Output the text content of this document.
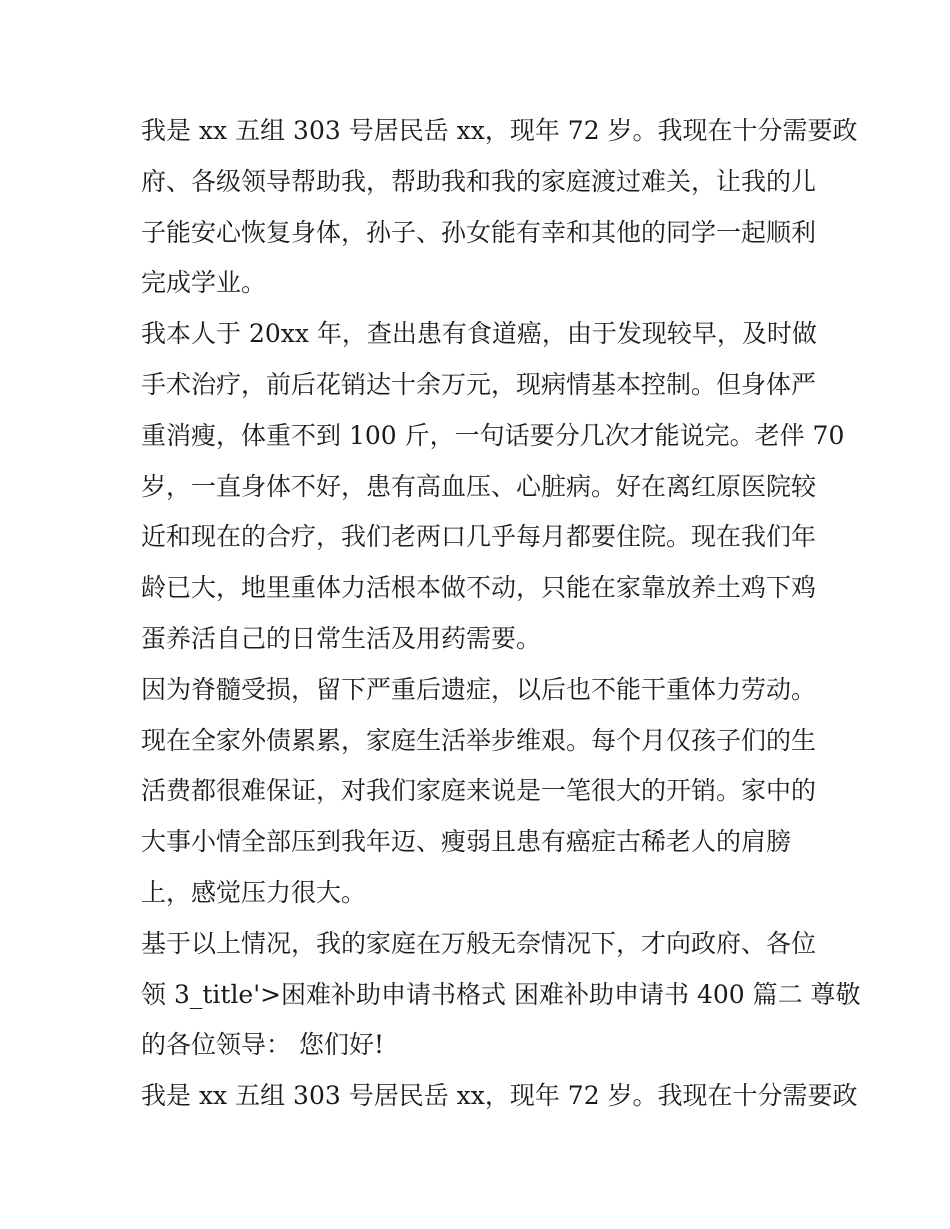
我是 xx 五组 303 号居民岳 xx，现年 72 岁。我现在十分需要政
府、各级领导帮助我，帮助我和我的家庭渡过难关，让我的儿
子能安心恢复身体，孙子、孙女能有幸和其他的同学一起顺利
完成学业。
我本人于 20xx 年，查出患有食道癌，由于发现较早，及时做
手术治疗，前后花销达十余万元，现病情基本控制。但身体严
重消瘦，体重不到 100 斤，一句话要分几次才能说完。老伴 70
岁，一直身体不好，患有高血压、心脏病。好在离红原医院较
近和现在的合疗，我们老两口几乎每月都要住院。现在我们年
龄已大，地里重体力活根本做不动，只能在家靠放养土鸡下鸡
蛋养活自己的日常生活及用药需要。
因为脊髓受损，留下严重后遗症，以后也不能干重体力劳动。
现在全家外债累累，家庭生活举步维艰。每个月仅孩子们的生
活费都很难保证，对我们家庭来说是一笔很大的开销。家中的
大事小情全部压到我年迈、瘦弱且患有癌症古稀老人的肩膀
上，感觉压力很大。
基于以上情况，我的家庭在万般无奈情况下，才向政府、各位
领 3_title'>困难补助申请书格式 困难补助申请书 400 篇二 尊敬
的各位领导： 您们好!
我是 xx 五组 303 号居民岳 xx，现年 72 岁。我现在十分需要政
